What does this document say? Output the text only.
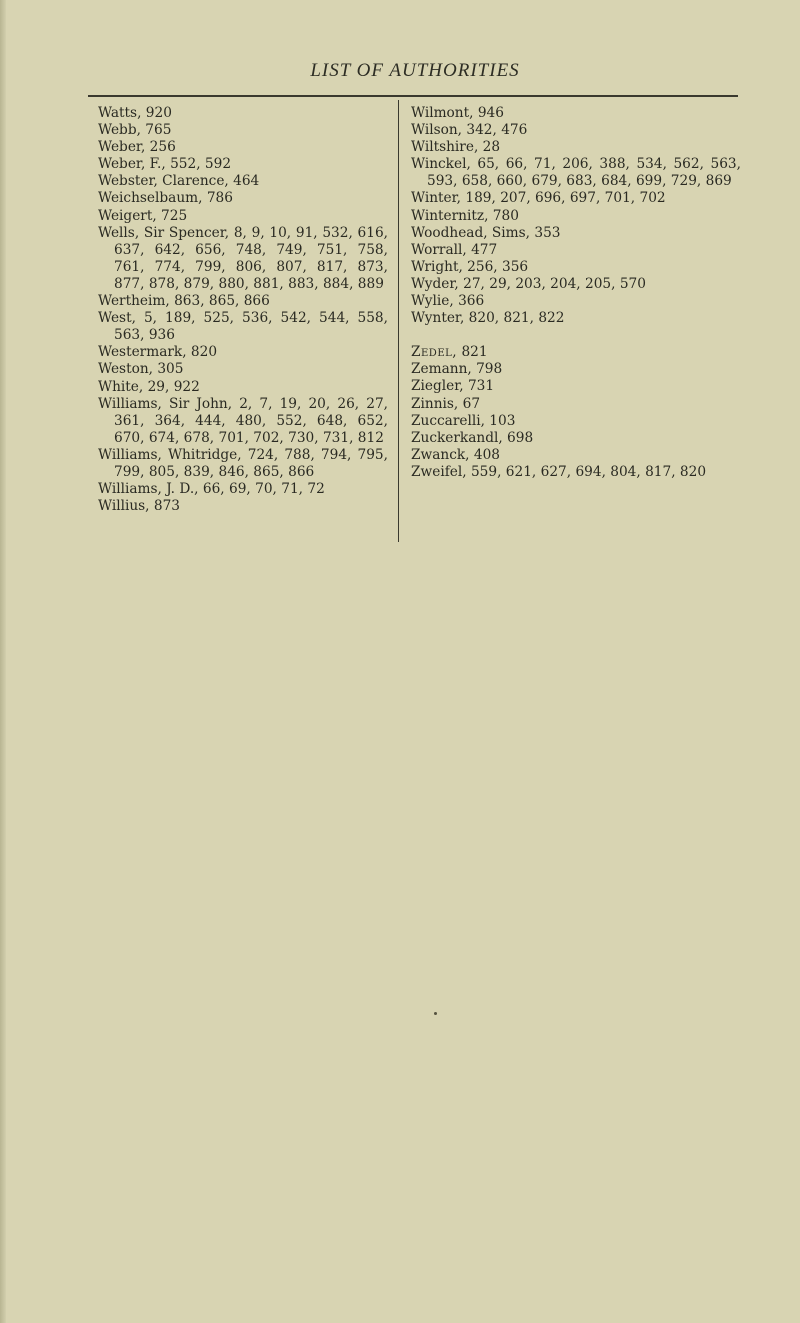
LIST OF AUTHORITIES
Watts, 920
Webb, 765
Weber, 256
Weber, F., 552, 592
Webster, Clarence, 464
Weichselbaum, 786
Weigert, 725
Wells, Sir Spencer, 8, 9, 10, 91, 532, 616, 637, 642, 656, 748, 749, 751, 758, 761, 774, 799, 806, 807, 817, 873, 877, 878, 879, 880, 881, 883, 884, 889
Wertheim, 863, 865, 866
West, 5, 189, 525, 536, 542, 544, 558, 563, 936
Westermark, 820
Weston, 305
White, 29, 922
Williams, Sir John, 2, 7, 19, 20, 26, 27, 361, 364, 444, 480, 552, 648, 652, 670, 674, 678, 701, 702, 730, 731, 812
Williams, Whitridge, 724, 788, 794, 795, 799, 805, 839, 846, 865, 866
Williams, J. D., 66, 69, 70, 71, 72
Willius, 873
Wilmont, 946
Wilson, 342, 476
Wiltshire, 28
Winckel, 65, 66, 71, 206, 388, 534, 562, 563, 593, 658, 660, 679, 683, 684, 699, 729, 869
Winter, 189, 207, 696, 697, 701, 702
Winternitz, 780
Woodhead, Sims, 353
Worrall, 477
Wright, 256, 356
Wyder, 27, 29, 203, 204, 205, 570
Wylie, 366
Wynter, 820, 821, 822
Zedel, 821
Zemann, 798
Ziegler, 731
Zinnis, 67
Zuccarelli, 103
Zuckerkandl, 698
Zwanck, 408
Zweifel, 559, 621, 627, 694, 804, 817, 820
